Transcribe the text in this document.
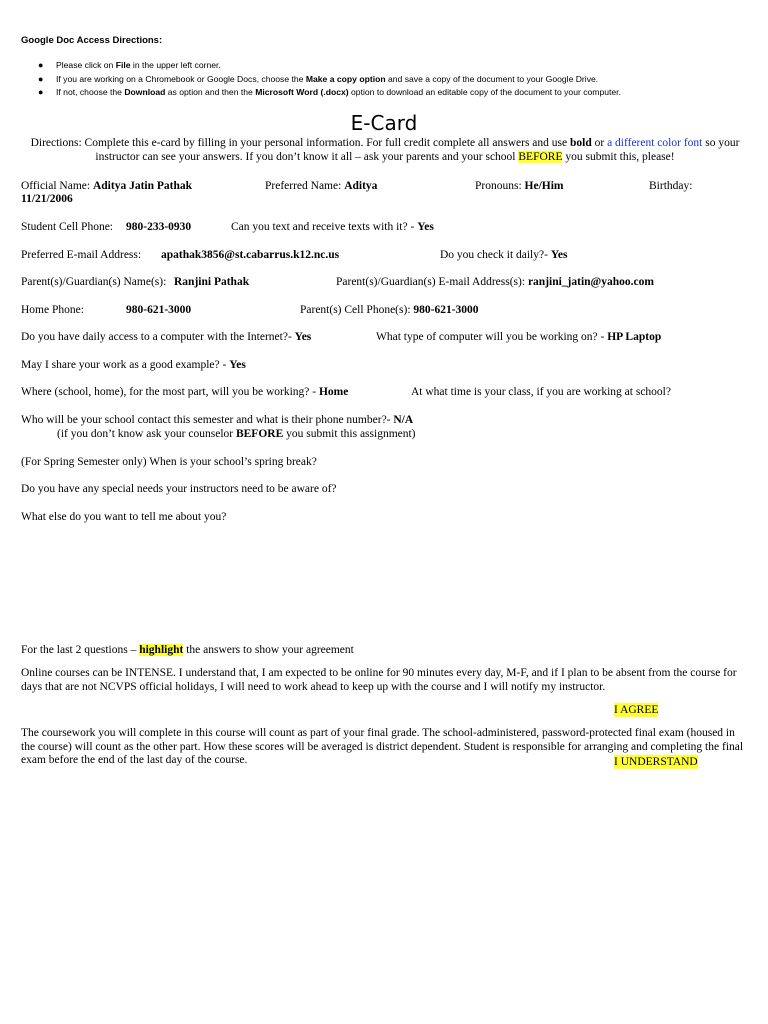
Google Doc Access Directions:
● Please click on File in the upper left corner.
● If you are working on a Chromebook or Google Docs, choose the Make a copy option and save a copy of the document to your Google Drive.
● If not, choose the Download as option and then the Microsoft Word (.docx) option to download an editable copy of the document to your computer.
E-Card
Directions: Complete this e-card by filling in your personal information. For full credit complete all answers and use bold or a different color font so your instructor can see your answers. If you don’t know it all – ask your parents and your school BEFORE you submit this, please!
Official Name: Aditya Jatin Pathak	Preferred Name: Aditya	Pronouns: He/Him	Birthday:
11/21/2006
Student Cell Phone: 980-233-0930	Can you text and receive texts with it? - Yes
Preferred E-mail Address: apathak3856@st.cabarrus.k12.nc.us	Do you check it daily?- Yes
Parent(s)/Guardian(s) Name(s): Ranjini Pathak	Parent(s)/Guardian(s) E-mail Address(s): ranjini_jatin@yahoo.com
Home Phone:	980-621-3000	Parent(s) Cell Phone(s): 980-621-3000
Do you have daily access to a computer with the Internet?- Yes	What type of computer will you be working on? - HP Laptop
May I share your work as a good example? - Yes
Where (school, home), for the most part, will you be working? - Home	At what time is your class, if you are working at school?
Who will be your school contact this semester and what is their phone number?- N/A
(if you don’t know ask your counselor BEFORE you submit this assignment)
(For Spring Semester only) When is your school’s spring break?
Do you have any special needs your instructors need to be aware of?
What else do you want to tell me about you?
For the last 2 questions – highlight the answers to show your agreement
Online courses can be INTENSE. I understand that, I am expected to be online for 90 minutes every day, M-F, and if I plan to be absent from the course for days that are not NCVPS official holidays, I will need to work ahead to keep up with the course and I will notify my instructor.
I AGREE
The coursework you will complete in this course will count as part of your final grade. The school-administered, password-protected final exam (housed in the course) will count as the other part. How these scores will be averaged is district dependent. Student is responsible for arranging and completing the final exam before the end of the last day of the course.	I UNDERSTAND
